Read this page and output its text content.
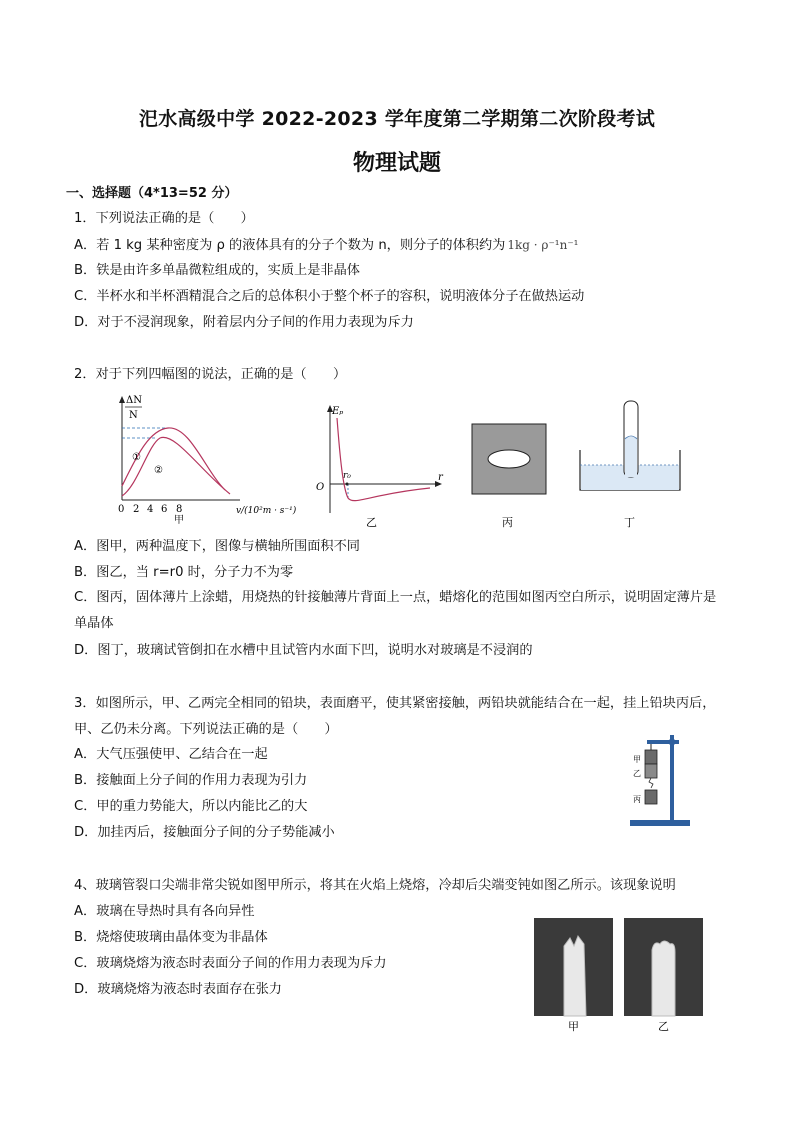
汜水高级中学 2022-2023 学年度第二学期第二次阶段考试
物理试题
一、选择题（4*13=52 分）
1．下列说法正确的是（　　）
A．若 1 kg 某种密度为 ρ 的液体具有的分子个数为 n，则分子的体积约为 1kg · ρ⁻¹n⁻¹
B．铁是由许多单晶微粒组成的，实质上是非晶体
C．半杯水和半杯酒精混合之后的总体积小于整个杯子的容积，说明液体分子在做热运动
D．对于不浸润现象，附着层内分子间的作用力表现为斥力
2．对于下列四幅图的说法，正确的是（　　）
ΔN
N
①
②
0 2 4 6 8	v/(10²m · s⁻¹)
甲
Eₚ
O
r₀	r
乙	丙	丁
A．图甲，两种温度下，图像与横轴所围面积不同
B．图乙，当 r=r0 时，分子力不为零
C．图丙，固体薄片上涂蜡，用烧热的针接触薄片背面上一点，蜡熔化的范围如图丙空白所示，说明固定薄片是单晶体
D．图丁，玻璃试管倒扣在水槽中且试管内水面下凹，说明水对玻璃是不浸润的
3．如图所示，甲、乙两完全相同的铅块，表面磨平，使其紧密接触，两铅块就能结合在一起，挂上铅块丙后，甲、乙仍未分离。下列说法正确的是（　　）
A．大气压强使甲、乙结合在一起
B．接触面上分子间的作用力表现为引力
C．甲的重力势能大，所以内能比乙的大
D．加挂丙后，接触面分子间的分子势能减小
甲
乙
丙
4、玻璃管裂口尖端非常尖锐如图甲所示，将其在火焰上烧熔，冷却后尖端变钝如图乙所示。该现象说明
A．玻璃在导热时具有各向异性
B．烧熔使玻璃由晶体变为非晶体
C．玻璃烧熔为液态时表面分子间的作用力表现为斥力
D．玻璃烧熔为液态时表面存在张力
甲	乙
